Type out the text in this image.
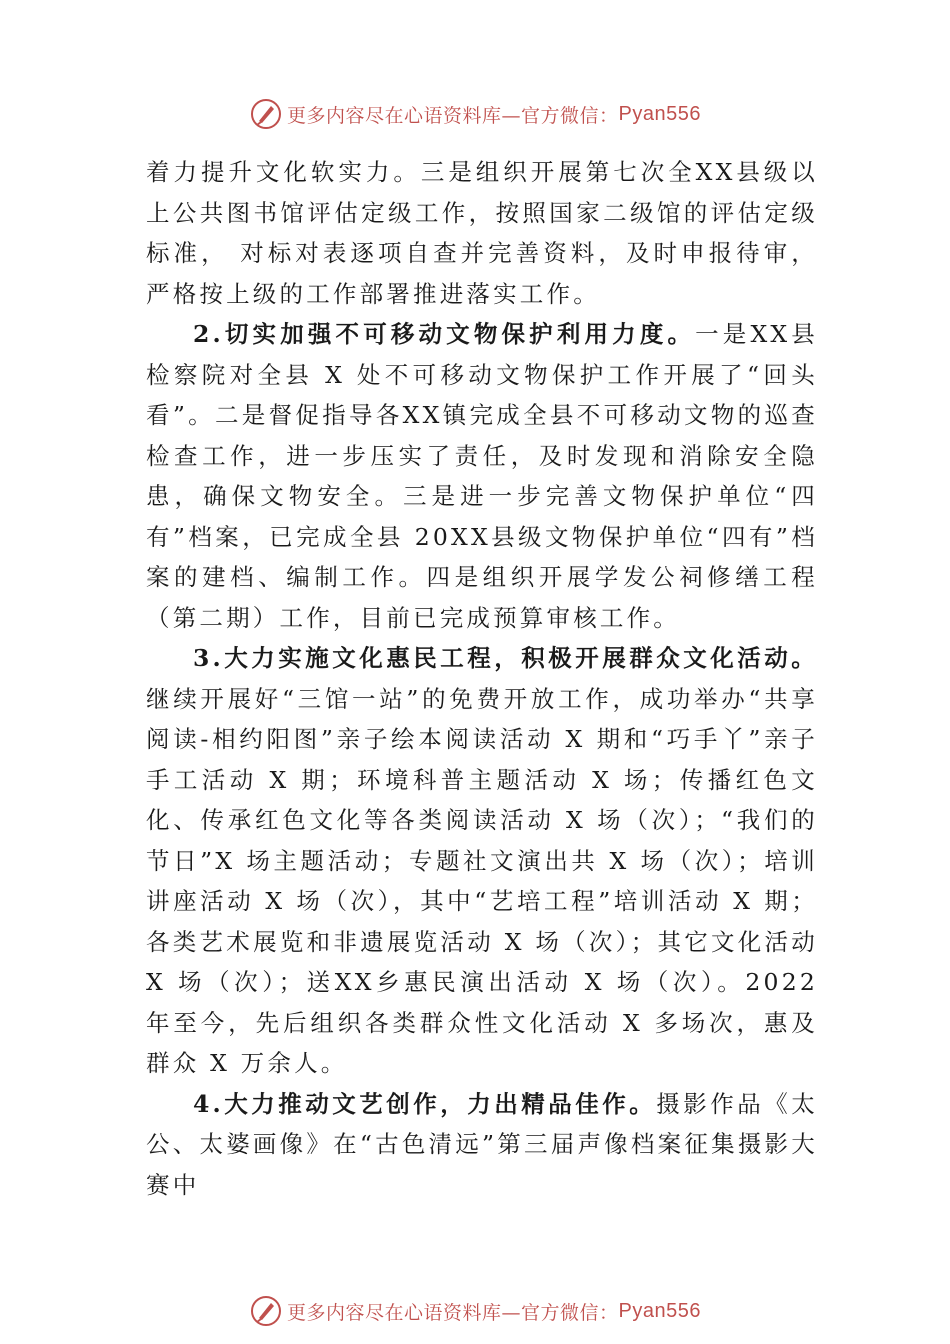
更多内容尽在心语资料库—官方微信： Pyan556

着力提升文化软实力。三是组织开展第七次全XX县级以上公共图书馆评估定级工作，按照国家二级馆的评估定级标准， 对标对表逐项自查并完善资料，及时申报待审，严格按上级的工作部署推进落实工作。

2.切实加强不可移动文物保护利用力度。一是XX县检察院对全县 X 处不可移动文物保护工作开展了“回头看”。二是督促指导各XX镇完成全县不可移动文物的巡查检查工作，进一步压实了责任，及时发现和消除安全隐患，确保文物安全。三是进一步完善文物保护单位“四有”档案，已完成全县 20XX县级文物保护单位“四有”档案的建档、编制工作。四是组织开展学发公祠修缮工程（第二期）工作，目前已完成预算审核工作。

3.大力实施文化惠民工程，积极开展群众文化活动。继续开展好“三馆一站”的免费开放工作，成功举办“共享阅读-相约阳图”亲子绘本阅读活动 X 期和“巧手丫”亲子手工活动 X 期；环境科普主题活动 X 场；传播红色文化、传承红色文化等各类阅读活动 X 场（次）；“我们的节日”X 场主题活动；专题社文演出共 X 场（次）；培训讲座活动 X 场（次），其中“艺培工程”培训活动 X 期；各类艺术展览和非遗展览活动 X 场（次）；其它文化活动 X 场（次）；送XX乡惠民演出活动 X 场（次）。2022 年至今，先后组织各类群众性文化活动 X 多场次，惠及群众 X 万余人。

4.大力推动文艺创作，力出精品佳作。摄影作品《太公、太婆画像》在“古色清远”第三届声像档案征集摄影大赛中

更多内容尽在心语资料库—官方微信： Pyan556
